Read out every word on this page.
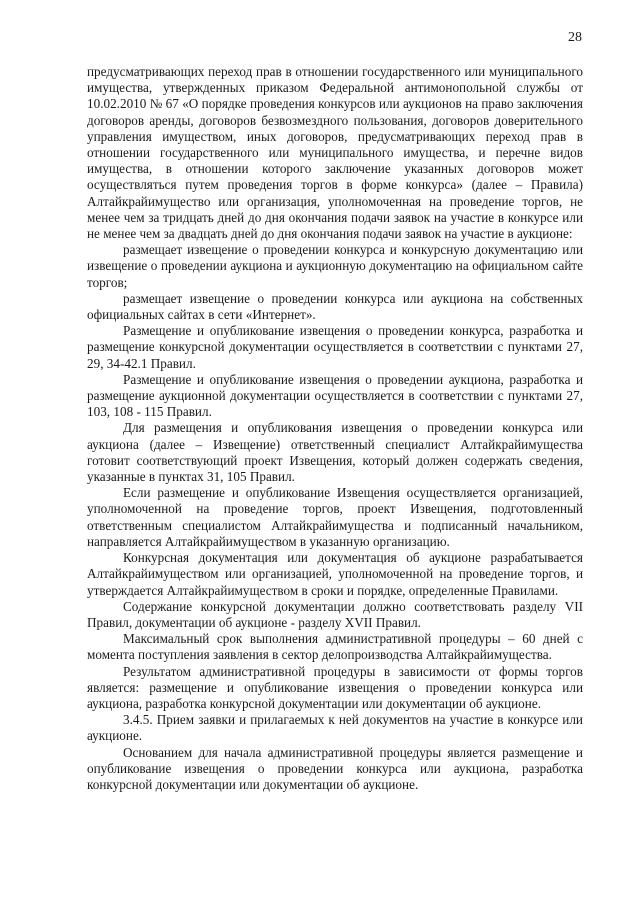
28

предусматривающих переход прав в отношении государственного или муниципального имущества, утвержденных приказом Федеральной антимонопольной службы от 10.02.2010 № 67 «О порядке проведения конкурсов или аукционов на право заключения договоров аренды, договоров безвозмездного пользования, договоров доверительного управления имуществом, иных договоров, предусматривающих переход прав в отношении государственного или муниципального имущества, и перечне видов имущества, в отношении которого заключение указанных договоров может осуществляться путем проведения торгов в форме конкурса» (далее – Правила) Алтайкрайимущество или организация, уполномоченная на проведение торгов, не менее чем за тридцать дней до дня окончания подачи заявок на участие в конкурсе или не менее чем за двадцать дней до дня окончания подачи заявок на участие в аукционе:

размещает извещение о проведении конкурса и конкурсную документацию или извещение о проведении аукциона и аукционную документацию на официальном сайте торгов;

размещает извещение о проведении конкурса или аукциона на собственных официальных сайтах в сети «Интернет».

Размещение и опубликование извещения о проведении конкурса, разработка и размещение конкурсной документации осуществляется в соответствии с пунктами 27, 29, 34-42.1 Правил.

Размещение и опубликование извещения о проведении аукциона, разработка и размещение аукционной документации осуществляется в соответствии с пунктами 27, 103, 108 - 115 Правил.

Для размещения и опубликования извещения о проведении конкурса или аукциона (далее – Извещение) ответственный специалист Алтайкрайимущества готовит соответствующий проект Извещения, который должен содержать сведения, указанные в пунктах 31, 105 Правил.

Если размещение и опубликование Извещения осуществляется организацией, уполномоченной на проведение торгов, проект Извещения, подготовленный ответственным специалистом Алтайкрайимущества и подписанный начальником, направляется Алтайкрайимуществом в указанную организацию.

Конкурсная документация или документация об аукционе разрабатывается Алтайкрайимуществом или организацией, уполномоченной на проведение торгов, и утверждается Алтайкрайимуществом в сроки и порядке, определенные Правилами.

Содержание конкурсной документации должно соответствовать разделу VII Правил, документации об аукционе - разделу XVII Правил.

Максимальный срок выполнения административной процедуры – 60 дней с момента поступления заявления в сектор делопроизводства Алтайкрайимущества.

Результатом административной процедуры в зависимости от формы торгов является: размещение и опубликование извещения о проведении конкурса или аукциона, разработка конкурсной документации или документации об аукционе.

3.4.5. Прием заявки и прилагаемых к ней документов на участие в конкурсе или аукционе.

Основанием для начала административной процедуры является размещение и опубликование извещения о проведении конкурса или аукциона, разработка конкурсной документации или документации об аукционе.
